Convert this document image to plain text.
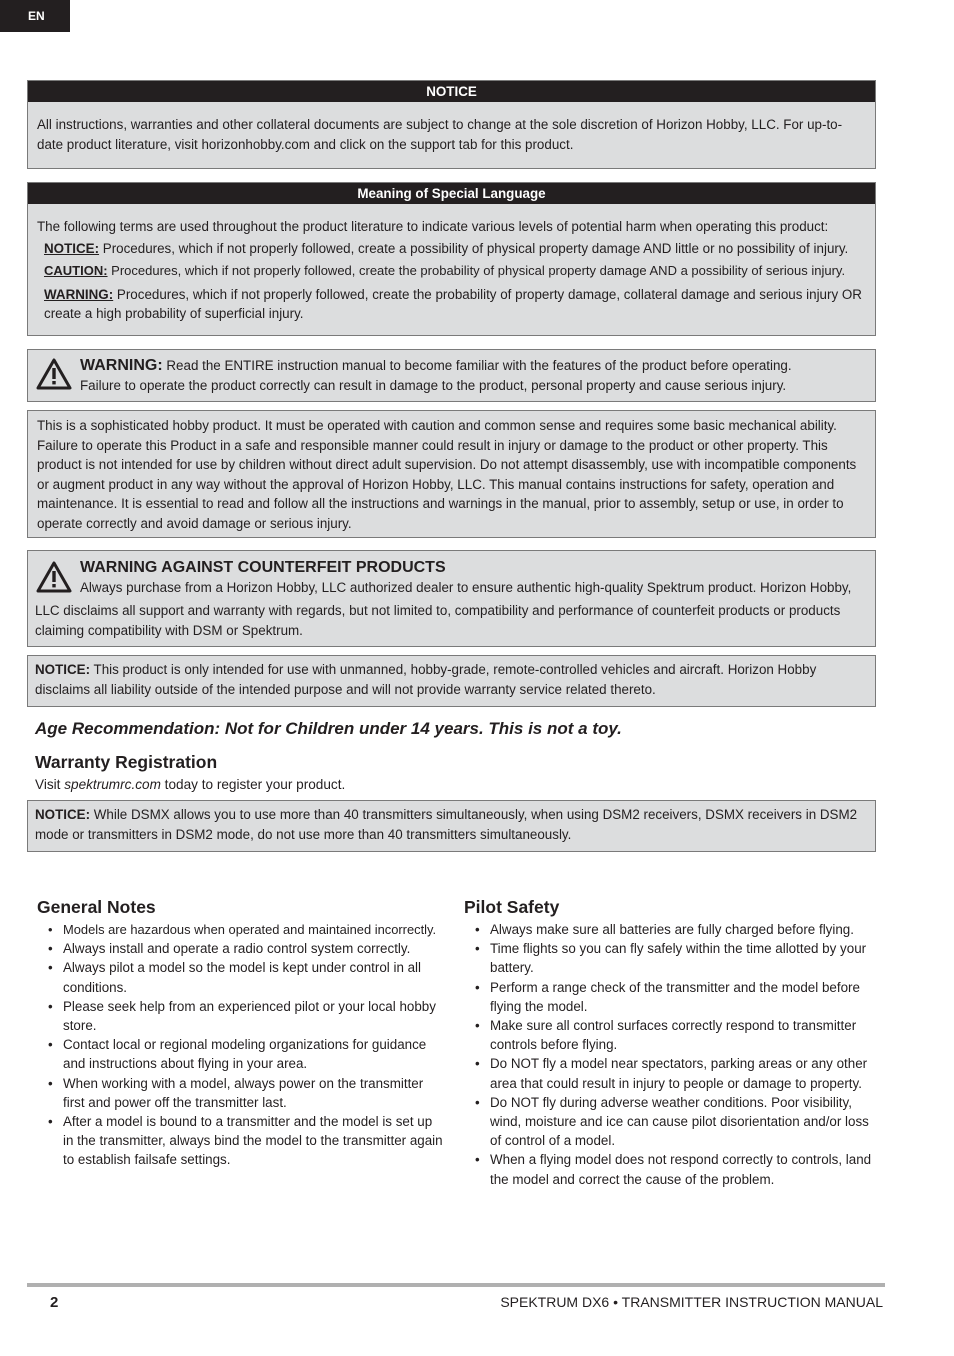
EN
NOTICE
All instructions, warranties and other collateral documents are subject to change at the sole discretion of Horizon Hobby, LLC. For up-to-date product literature, visit horizonhobby.com and click on the support tab for this product.
Meaning of Special Language
The following terms are used throughout the product literature to indicate various levels of potential harm when operating this product:
NOTICE: Procedures, which if not properly followed, create a possibility of physical property damage AND little or no possibility of injury.
CAUTION: Procedures, which if not properly followed, create the probability of physical property damage AND a possibility of serious injury.
WARNING: Procedures, which if not properly followed, create the probability of property damage, collateral damage and serious injury OR create a high probability of superficial injury.
WARNING: Read the ENTIRE instruction manual to become familiar with the features of the product before operating.
Failure to operate the product correctly can result in damage to the product, personal property and cause serious injury.
This is a sophisticated hobby product. It must be operated with caution and common sense and requires some basic mechanical ability. Failure to operate this Product in a safe and responsible manner could result in injury or damage to the product or other property. This product is not intended for use by children without direct adult supervision. Do not attempt disassembly, use with incompatible components or augment product in any way without the approval of Horizon Hobby, LLC. This manual contains instructions for safety, operation and maintenance. It is essential to read and follow all the instructions and warnings in the manual, prior to assembly, setup or use, in order to operate correctly and avoid damage or serious injury.
WARNING AGAINST COUNTERFEIT PRODUCTS
Always purchase from a Horizon Hobby, LLC authorized dealer to ensure authentic high-quality Spektrum product. Horizon Hobby,
LLC disclaims all support and warranty with regards, but not limited to, compatibility and performance of counterfeit products or products claiming compatibility with DSM or Spektrum.
NOTICE: This product is only intended for use with unmanned, hobby-grade, remote-controlled vehicles and aircraft. Horizon Hobby disclaims all liability outside of the intended purpose and will not provide warranty service related thereto.
Age Recommendation: Not for Children under 14 years. This is not a toy.
Warranty Registration
Visit spektrumrc.com today to register your product.
NOTICE: While DSMX allows you to use more than 40 transmitters simultaneously, when using DSM2 receivers, DSMX receivers in DSM2 mode or transmitters in DSM2 mode, do not use more than 40 transmitters simultaneously.
General Notes
• Models are hazardous when operated and maintained incorrectly.
• Always install and operate a radio control system correctly.
• Always pilot a model so the model is kept under control in all conditions.
• Please seek help from an experienced pilot or your local hobby store.
• Contact local or regional modeling organizations for guidance and instructions about flying in your area.
• When working with a model, always power on the transmitter first and power off the transmitter last.
• After a model is bound to a transmitter and the model is set up in the transmitter, always bind the model to the transmitter again to establish failsafe settings.
Pilot Safety
• Always make sure all batteries are fully charged before flying.
• Time flights so you can fly safely within the time allotted by your battery.
• Perform a range check of the transmitter and the model before flying the model.
• Make sure all control surfaces correctly respond to transmitter controls before flying.
• Do NOT fly a model near spectators, parking areas or any other area that could result in injury to people or damage to property.
• Do NOT fly during adverse weather conditions. Poor visibility, wind, moisture and ice can cause pilot disorientation and/or loss of control of a model.
• When a flying model does not respond correctly to controls, land the model and correct the cause of the problem.
2	SPEKTRUM DX6 • TRANSMITTER INSTRUCTION MANUAL
